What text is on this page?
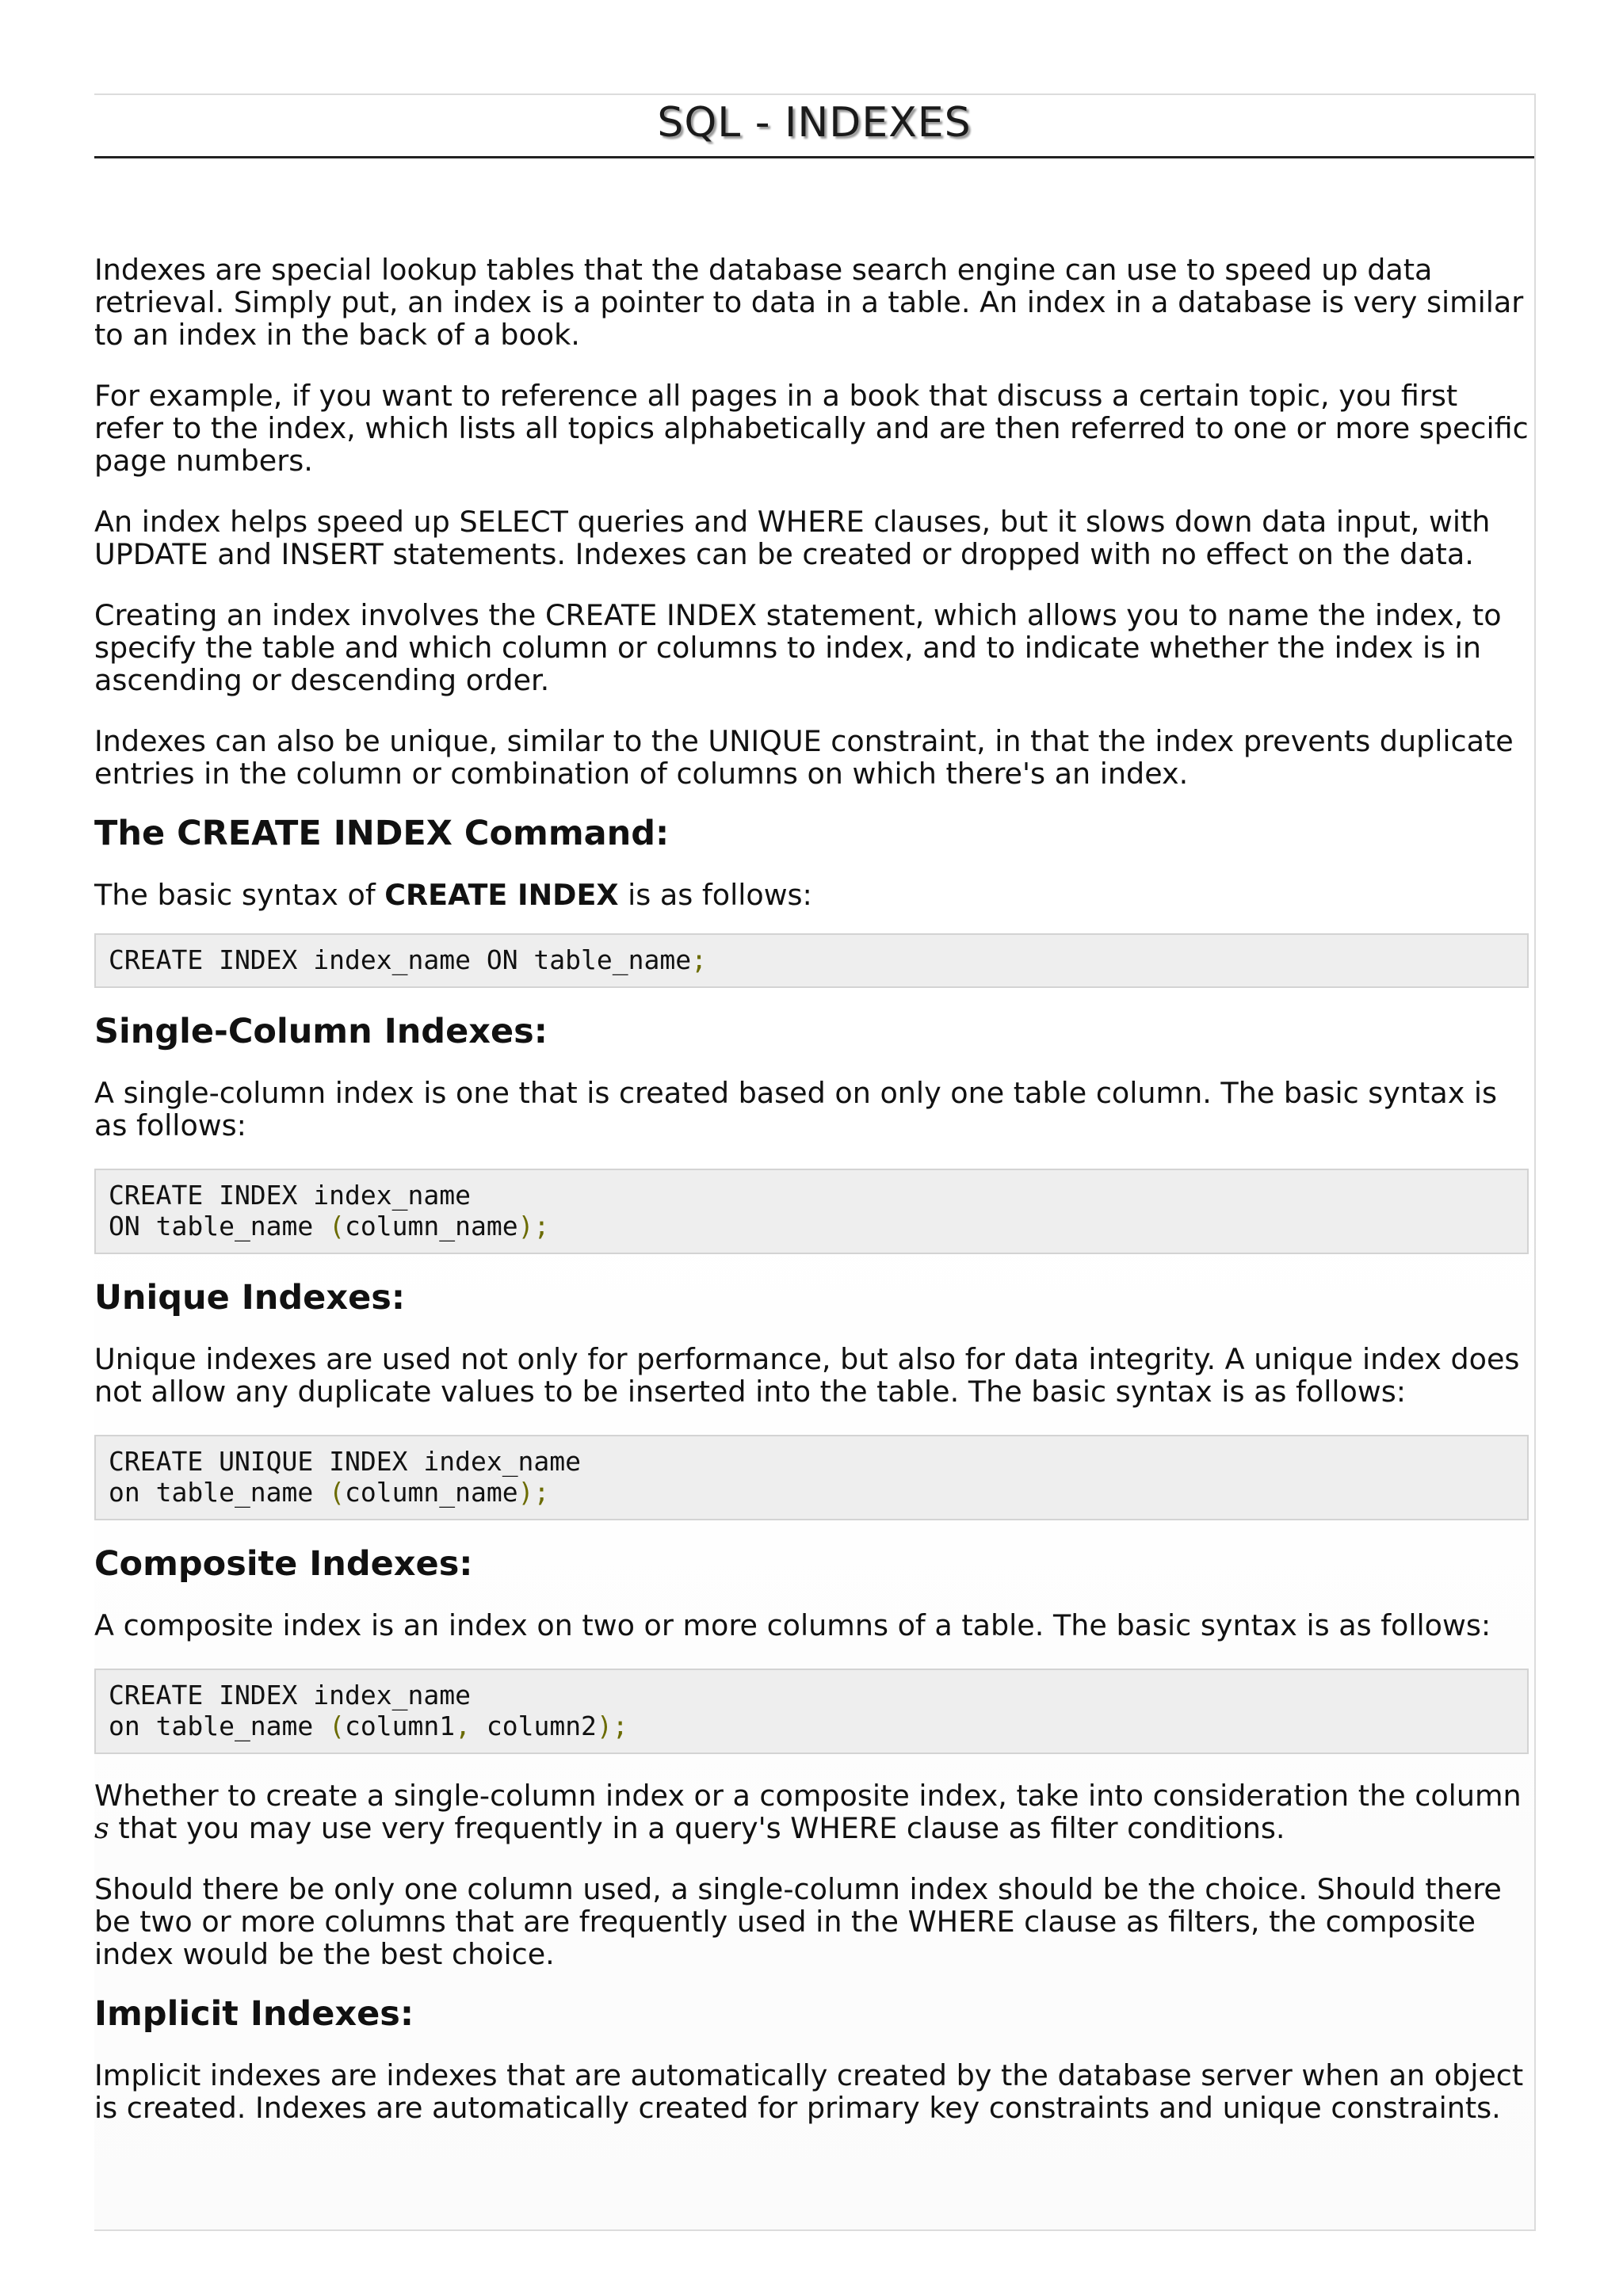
SQL - INDEXES

Indexes are special lookup tables that the database search engine can use to speed up data retrieval. Simply put, an index is a pointer to data in a table. An index in a database is very similar to an index in the back of a book.

For example, if you want to reference all pages in a book that discuss a certain topic, you first refer to the index, which lists all topics alphabetically and are then referred to one or more specific page numbers.

An index helps speed up SELECT queries and WHERE clauses, but it slows down data input, with UPDATE and INSERT statements. Indexes can be created or dropped with no effect on the data.

Creating an index involves the CREATE INDEX statement, which allows you to name the index, to specify the table and which column or columns to index, and to indicate whether the index is in ascending or descending order.

Indexes can also be unique, similar to the UNIQUE constraint, in that the index prevents duplicate entries in the column or combination of columns on which there's an index.

The CREATE INDEX Command:

The basic syntax of CREATE INDEX is as follows:

CREATE INDEX index_name ON table_name;
Single-Column Indexes:

A single-column index is one that is created based on only one table column. The basic syntax is as follows:

CREATE INDEX index_name
ON table_name (column_name);
Unique Indexes:

Unique indexes are used not only for performance, but also for data integrity. A unique index does not allow any duplicate values to be inserted into the table. The basic syntax is as follows:

CREATE UNIQUE INDEX index_name
on table_name (column_name);
Composite Indexes:

A composite index is an index on two or more columns of a table. The basic syntax is as follows:

CREATE INDEX index_name
on table_name (column1, column2);

Whether to create a single-column index or a composite index, take into consideration the column
s that you may use very frequently in a query's WHERE clause as filter conditions.

Should there be only one column used, a single-column index should be the choice. Should there be two or more columns that are frequently used in the WHERE clause as filters, the composite index would be the best choice.

Implicit Indexes:

Implicit indexes are indexes that are automatically created by the database server when an object is created. Indexes are automatically created for primary key constraints and unique constraints.
